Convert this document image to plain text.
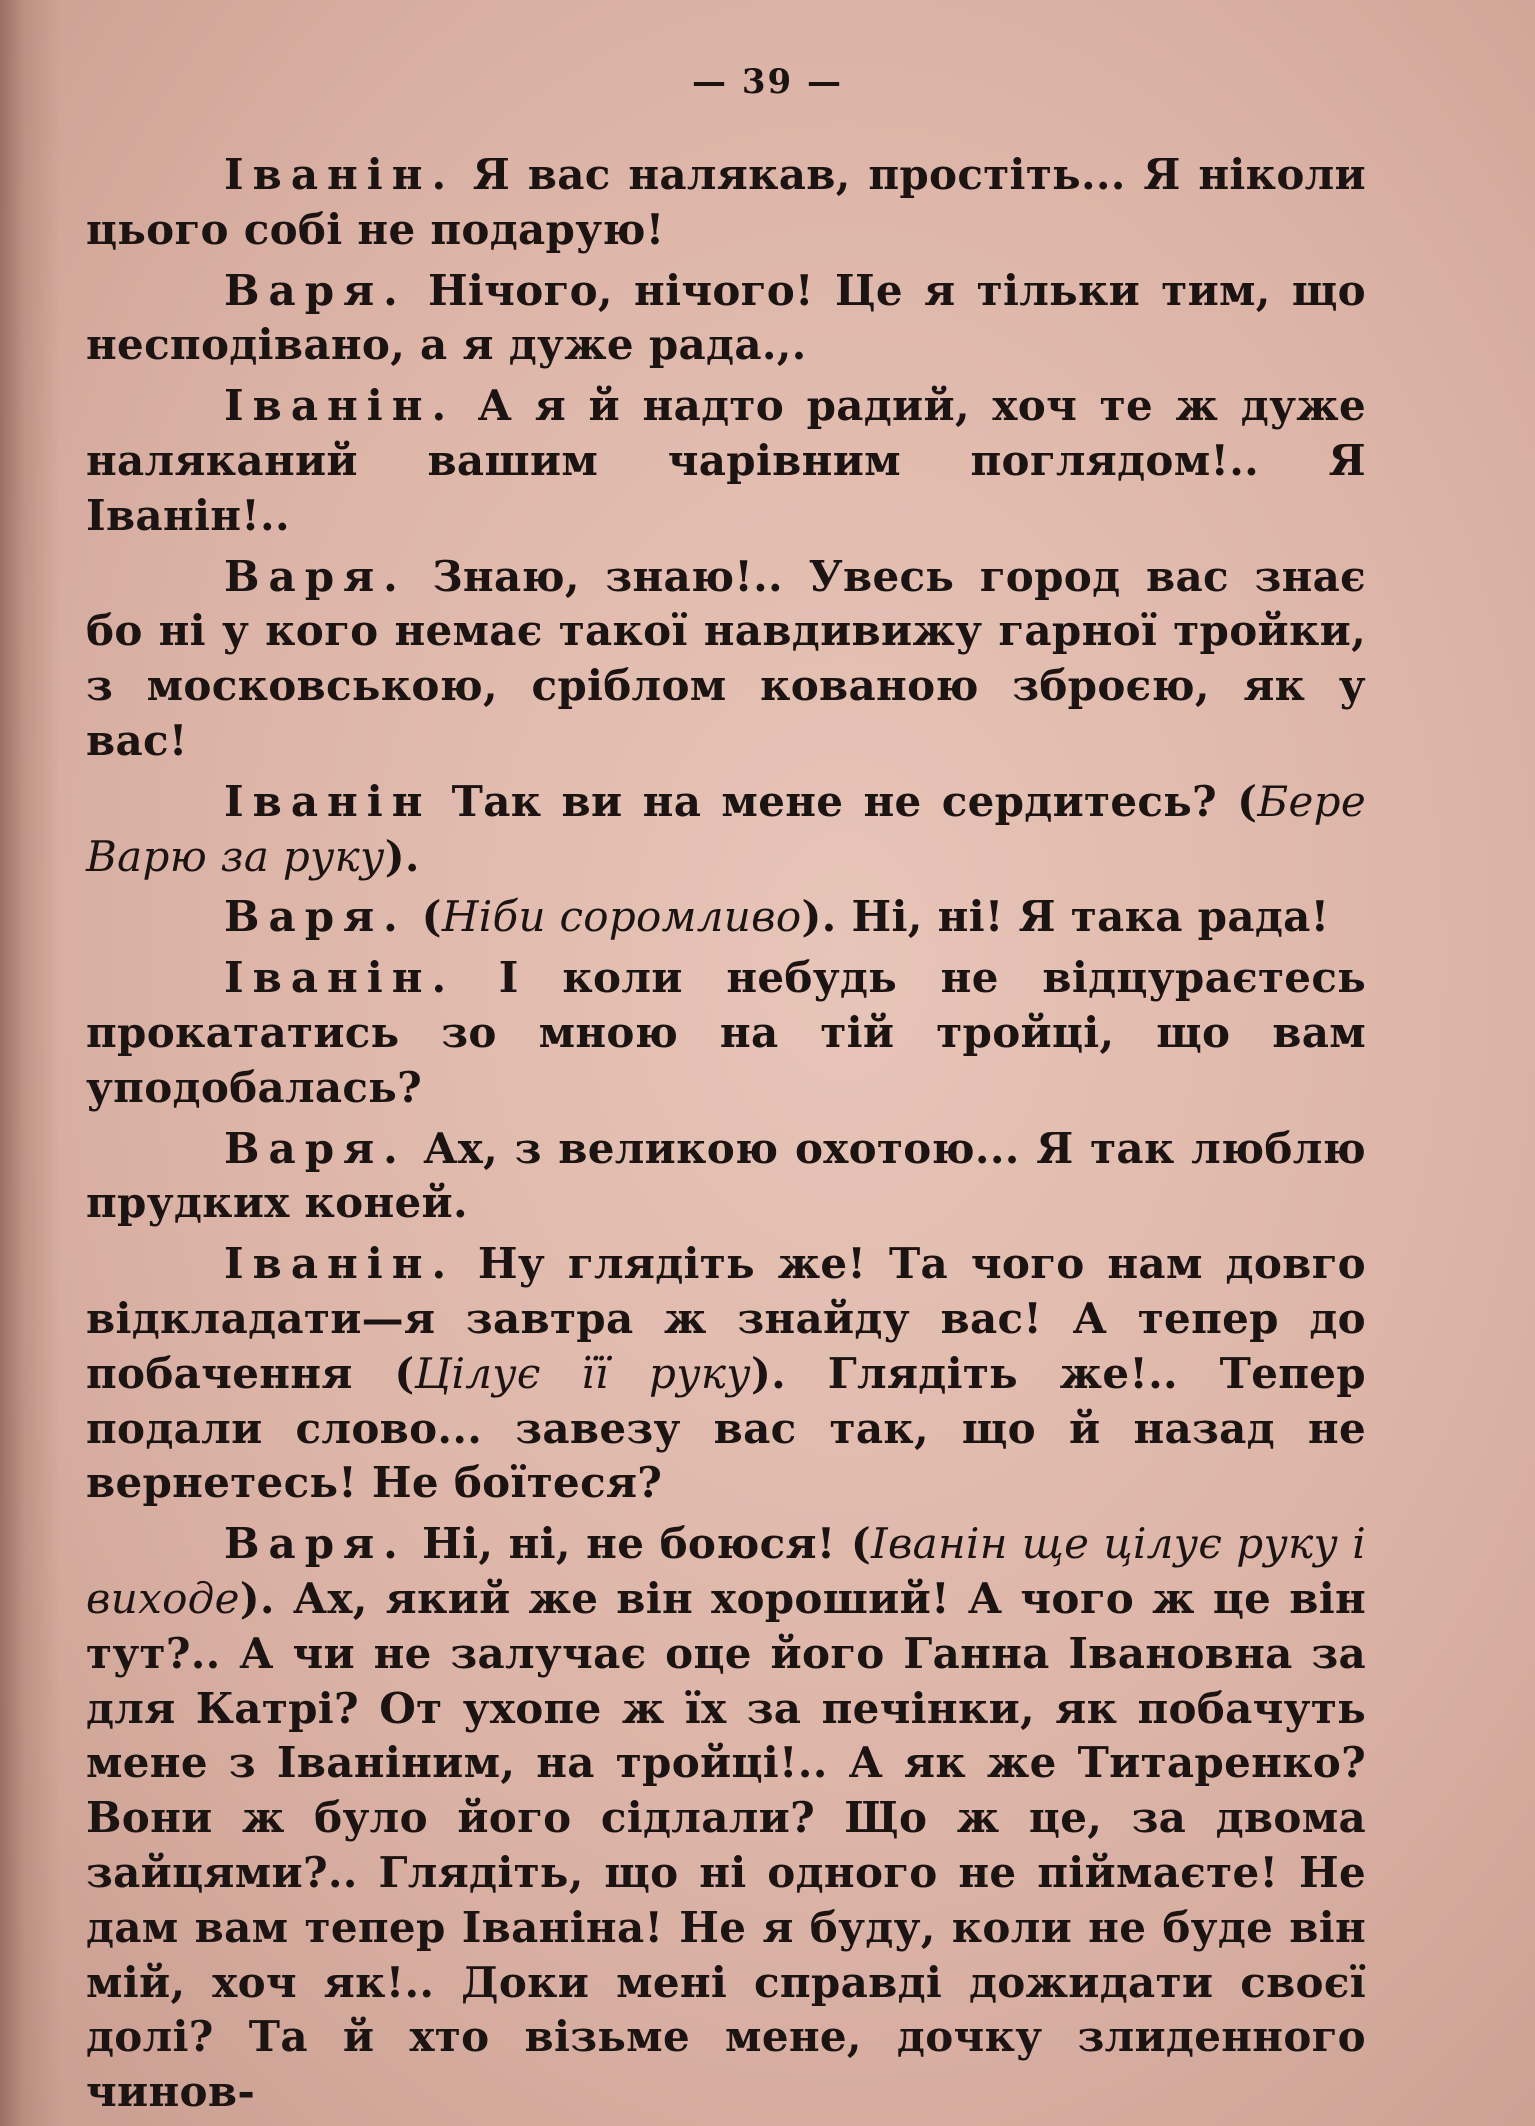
— 39 —

Іванін. Я вас налякав, простіть... Я ніколи цього собі не подарую!

Варя. Нічого, нічого! Це я тільки тим, що несподівано, а я дуже рада.,.

Іванін. А я й надто радий, хоч те ж дуже наляканий вашим чарівним поглядом!.. Я Іванін!..

Варя. Знаю, знаю!.. Увесь город вас знає бо ні у кого немає такої навдивижу гарної тройки, з московською, сріблом кованою зброєю, як у вас!

Іванін Так ви на мене не сердитесь? (Бере Варю за руку).

Варя. (Ніби соромливо). Ні, ні! Я така рада!

Іванін. І коли небудь не відцураєтесь прокататись зо мною на тій тройці, що вам уподобалась?

Варя. Ах, з великою охотою... Я так люблю прудких коней.

Іванін. Ну глядіть же! Та чого нам довго відкладати—я завтра ж знайду вас! А тепер до побачення (Цілує її руку). Глядіть же!.. Тепер подали слово... завезу вас так, що й назад не вернетесь! Не боїтеся?

Варя. Ні, ні, не боюся! (Іванін ще цілує руку і виходе). Ах, який же він хороший! А чого ж це він тут?.. А чи не залучає оце його Ганна Івановна за для Катрі? От ухопе ж їх за печінки, як побачуть мене з Іваніним, на тройці!.. А як же Титаренко? Вони ж було його сідлали? Що ж це, за двома зайцями?.. Глядіть, що ні одного не піймаєте! Не дам вам тепер Іваніна! Не я буду, коли не буде він мій, хоч як!.. Доки мені справді дожидати своєї долі? Та й хто візьме мене, дочку злиденного чинов-
